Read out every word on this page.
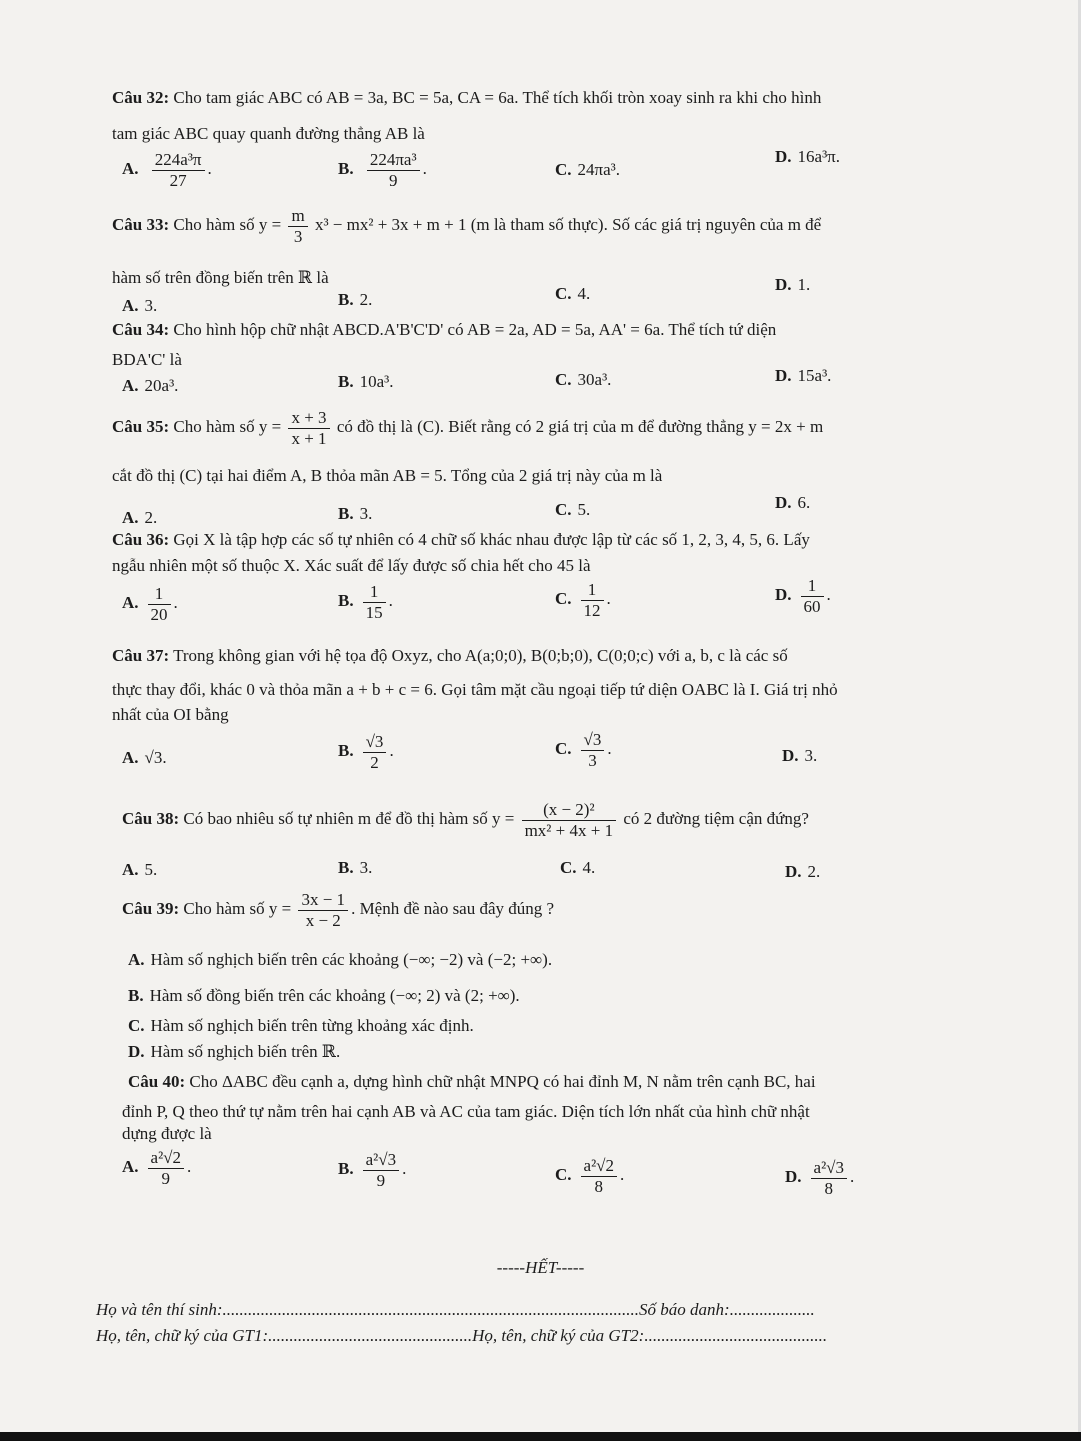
Câu 32: Cho tam giác ABC có AB = 3a, BC = 5a, CA = 6a. Thể tích khối tròn xoay sinh ra khi cho hình
tam giác ABC quay quanh đường thẳng AB là
A. $\frac{\text{224a³π}}{27}$ .	B. $\frac{\text{224πa³}}{9}$ .	C. 24πa³.
D. 16a³π.
Câu 33: Cho hàm số $y = \frac{m}{3} x^3 - mx^2 + 3x + m + 1$ (m là tham số thực). Số các giá trị nguyên của m để
hàm số trên đồng biến trên ℝ là
A. 3.	B. 2.	C. 4.	D. 1.
Câu 34: Cho hình hộp chữ nhật ABCD.A'B'C'D' có AB = 2a, AD = 5a, AA' = 6a. Thể tích tứ diện
BDA'C' là
A. 20a³.	B. 10a³.	C. 30a³.	D. 15a³.
Câu 35: Cho hàm số $y = \frac{x + 3}{x + 1}$ có đồ thị là (C). Biết rằng có 2 giá trị của m để đường thẳng y = 2x + m
cắt đồ thị (C) tại hai điểm A, B thỏa mãn AB = 5. Tổng của 2 giá trị này của m là
A. 2.	B. 3.	C. 5.	D. 6.
Câu 36: Gọi X là tập hợp các số tự nhiên có 4 chữ số khác nhau được lập từ các số 1, 2, 3, 4, 5, 6. Lấy
ngẫu nhiên một số thuộc X. Xác suất để lấy được số chia hết cho 45 là
A. $\frac{1}{20}$ .	B. $\frac{1}{15}$ .	C. $\frac{1}{12}$ .	D. $\frac{1}{60}$ .
Câu 37: Trong không gian với hệ tọa độ Oxyz, cho A(a;0;0), B(0;b;0), C(0;0;c) với a, b, c là các số
thực thay đổi, khác 0 và thỏa mãn a + b + c = 6. Gọi tâm mặt cầu ngoại tiếp tứ diện OABC là I. Giá trị nhỏ
nhất của OI bằng
A. √3.	B. $\frac{√3}{2}$ .	C. $\frac{√3}{3}$ .	D. 3.
Câu 38: Có bao nhiêu số tự nhiên m để đồ thị hàm số $y = \frac{\text{(x − 2)²}}{\text{mx² + 4x + 1}}$ có 2 đường tiệm cận đứng?
A. 5.	B. 3.	C. 4.	D. 2.
Câu 39: Cho hàm số $y = \frac{3x - 1}{x - 2}$ . Mệnh đề nào sau đây đúng ?
A. Hàm số nghịch biến trên các khoảng (−∞; −2) và (−2; +∞).
B. Hàm số đồng biến trên các khoảng (−∞; 2) và (2; +∞).
C. Hàm số nghịch biến trên từng khoảng xác định.
D. Hàm số nghịch biến trên ℝ.
Câu 40: Cho ΔABC đều cạnh a, dựng hình chữ nhật MNPQ có hai đỉnh M, N nằm trên cạnh BC, hai
đỉnh P, Q theo thứ tự nằm trên hai cạnh AB và AC của tam giác. Diện tích lớn nhất của hình chữ nhật
dựng được là
A. $\frac{\text{a²√2}}{9}$ .	B. $\frac{\text{a²√3}}{9}$ .	C. $\frac{\text{a²√2}}{8}$ .	D. $\frac{\text{a²√3}}{8}$ .
-----HẾT-----
Họ và tên thí sinh:..................................................................................................Số báo danh:....................
Họ, tên, chữ ký của GT1:................................................Họ, tên, chữ ký của GT2:...........................................
